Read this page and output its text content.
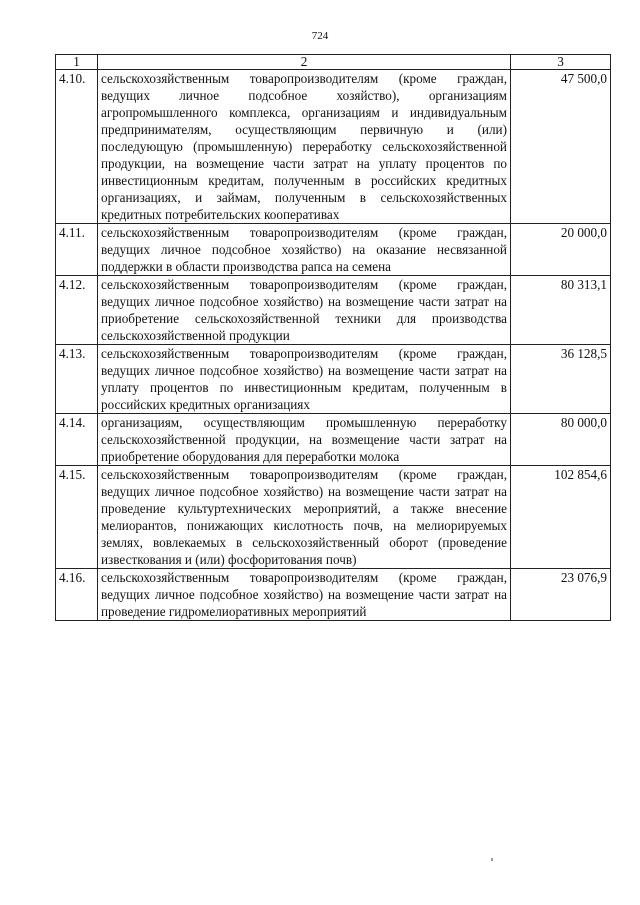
724
1	2	3
4.10.	сельскохозяйственным товаропроизводителям (кроме граждан, ведущих личное подсобное хозяйство), организациям агропромышленного комплекса, организациям и индивидуальным предпринимателям, осуществляющим первичную и (или) последующую (промышленную) переработку сельскохозяйственной продукции, на возмещение части затрат на уплату процентов по инвестиционным кредитам, полученным в российских кредитных организациях, и займам, полученным в сельскохозяйственных кредитных потребительских кооперативах	47 500,0
4.11.	сельскохозяйственным товаропроизводителям (кроме граждан, ведущих личное подсобное хозяйство) на оказание несвязанной поддержки в области производства рапса на семена	20 000,0
4.12.	сельскохозяйственным товаропроизводителям (кроме граждан, ведущих личное подсобное хозяйство) на возмещение части затрат на приобретение сельскохозяйственной техники для производства сельскохозяйственной продукции	80 313,1
4.13.	сельскохозяйственным товаропроизводителям (кроме граждан, ведущих личное подсобное хозяйство) на возмещение части затрат на уплату процентов по инвестиционным кредитам, полученным в российских кредитных организациях	36 128,5
4.14.	организациям, осуществляющим промышленную переработку сельскохозяйственной продукции, на возмещение части затрат на приобретение оборудования для переработки молока	80 000,0
4.15.	сельскохозяйственным товаропроизводителям (кроме граждан, ведущих личное подсобное хозяйство) на возмещение части затрат на проведение культуртехнических мероприятий, а также внесение мелиорантов, понижающих кислотность почв, на мелиорируемых землях, вовлекаемых в сельскохозяйственный оборот (проведение известкования и (или) фосфоритования почв)	102 854,6
4.16.	сельскохозяйственным товаропроизводителям (кроме граждан, ведущих личное подсобное хозяйство) на возмещение части затрат на проведение гидромелиоративных мероприятий	23 076,9
